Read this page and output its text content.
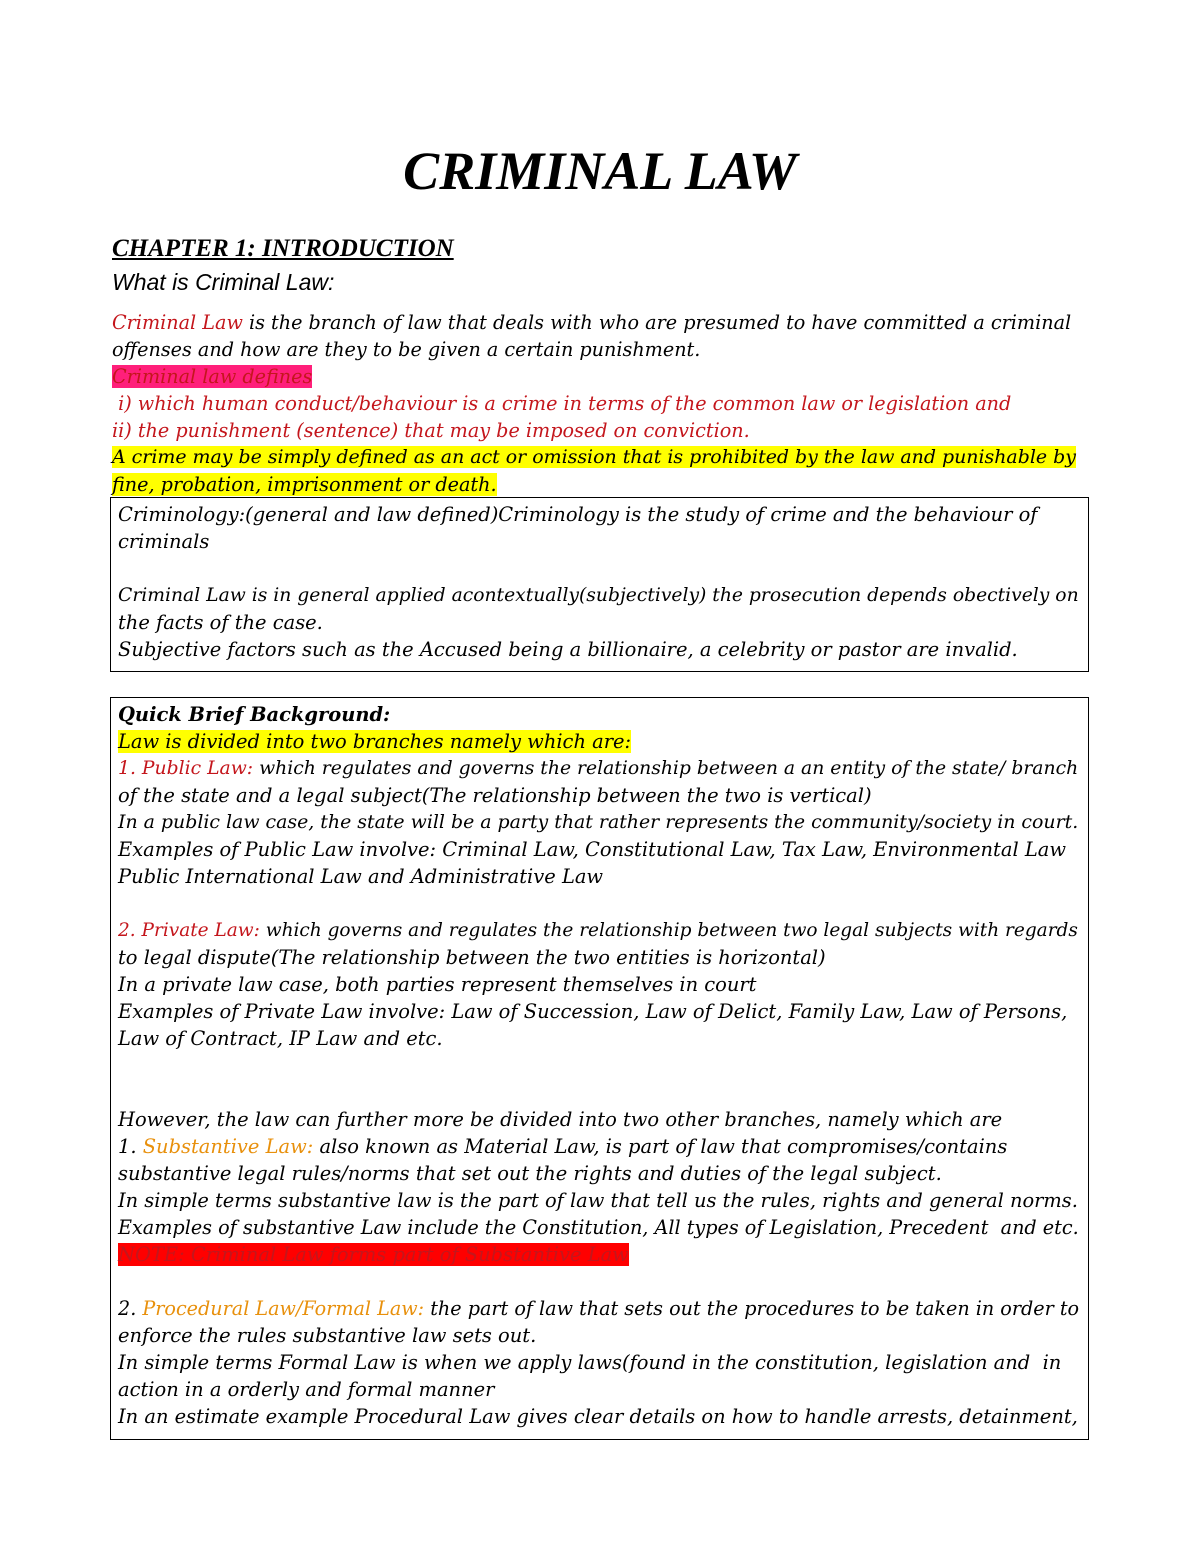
CRIMINAL LAW
CHAPTER 1: INTRODUCTION
What is Criminal Law:

Criminal Law is the branch of law that deals with who are presumed to have committed a criminal

offenses and how are they to be given a certain punishment.

Criminal law defines

i) which human conduct/behaviour is a crime in terms of the common law or legislation and

ii) the punishment (sentence) that may be imposed on conviction.

A crime may be simply defined as an act or omission that is prohibited by the law and punishable by

fine, probation, imprisonment or death.

Criminology:(general and law defined)Criminology is the study of crime and the behaviour of

criminals

Criminal Law is in general applied acontextually(subjectively) the prosecution depends obectively on

the facts of the case.

Subjective factors such as the Accused being a billionaire, a celebrity or pastor are invalid.

Quick Brief Background:

Law is divided into two branches namely which are:

1. Public Law: which regulates and governs the relationship between a an entity of the state/ branch

of the state and a legal subject(The relationship between the two is vertical)

In a public law case, the state will be a party that rather represents the community/society in court.

Examples of Public Law involve: Criminal Law, Constitutional Law, Tax Law, Environmental Law

Public International Law and Administrative Law

2. Private Law: which governs and regulates the relationship between two legal subjects with regards

to legal dispute(The relationship between the two entities is horizontal)

In a private law case, both parties represent themselves in court

Examples of Private Law involve: Law of Succession, Law of Delict, Family Law, Law of Persons,

Law of Contract, IP Law and etc.

However, the law can further more be divided into two other branches, namely which are

1. Substantive Law: also known as Material Law, is part of law that compromises/contains

substantive legal rules/norms that set out the rights and duties of the legal subject.

In simple terms substantive law is the part of law that tell us the rules, rights and general norms.

Examples of substantive Law include the Constitution, All types of Legislation, Precedent  and etc.

NOTE: Criminal Law forms part of Substantive Law

2. Procedural Law/Formal Law: the part of law that sets out the procedures to be taken in order to

enforce the rules substantive law sets out.

In simple terms Formal Law is when we apply laws(found in the constitution, legislation and  in

action in a orderly and formal manner

In an estimate example Procedural Law gives clear details on how to handle arrests, detainment,
